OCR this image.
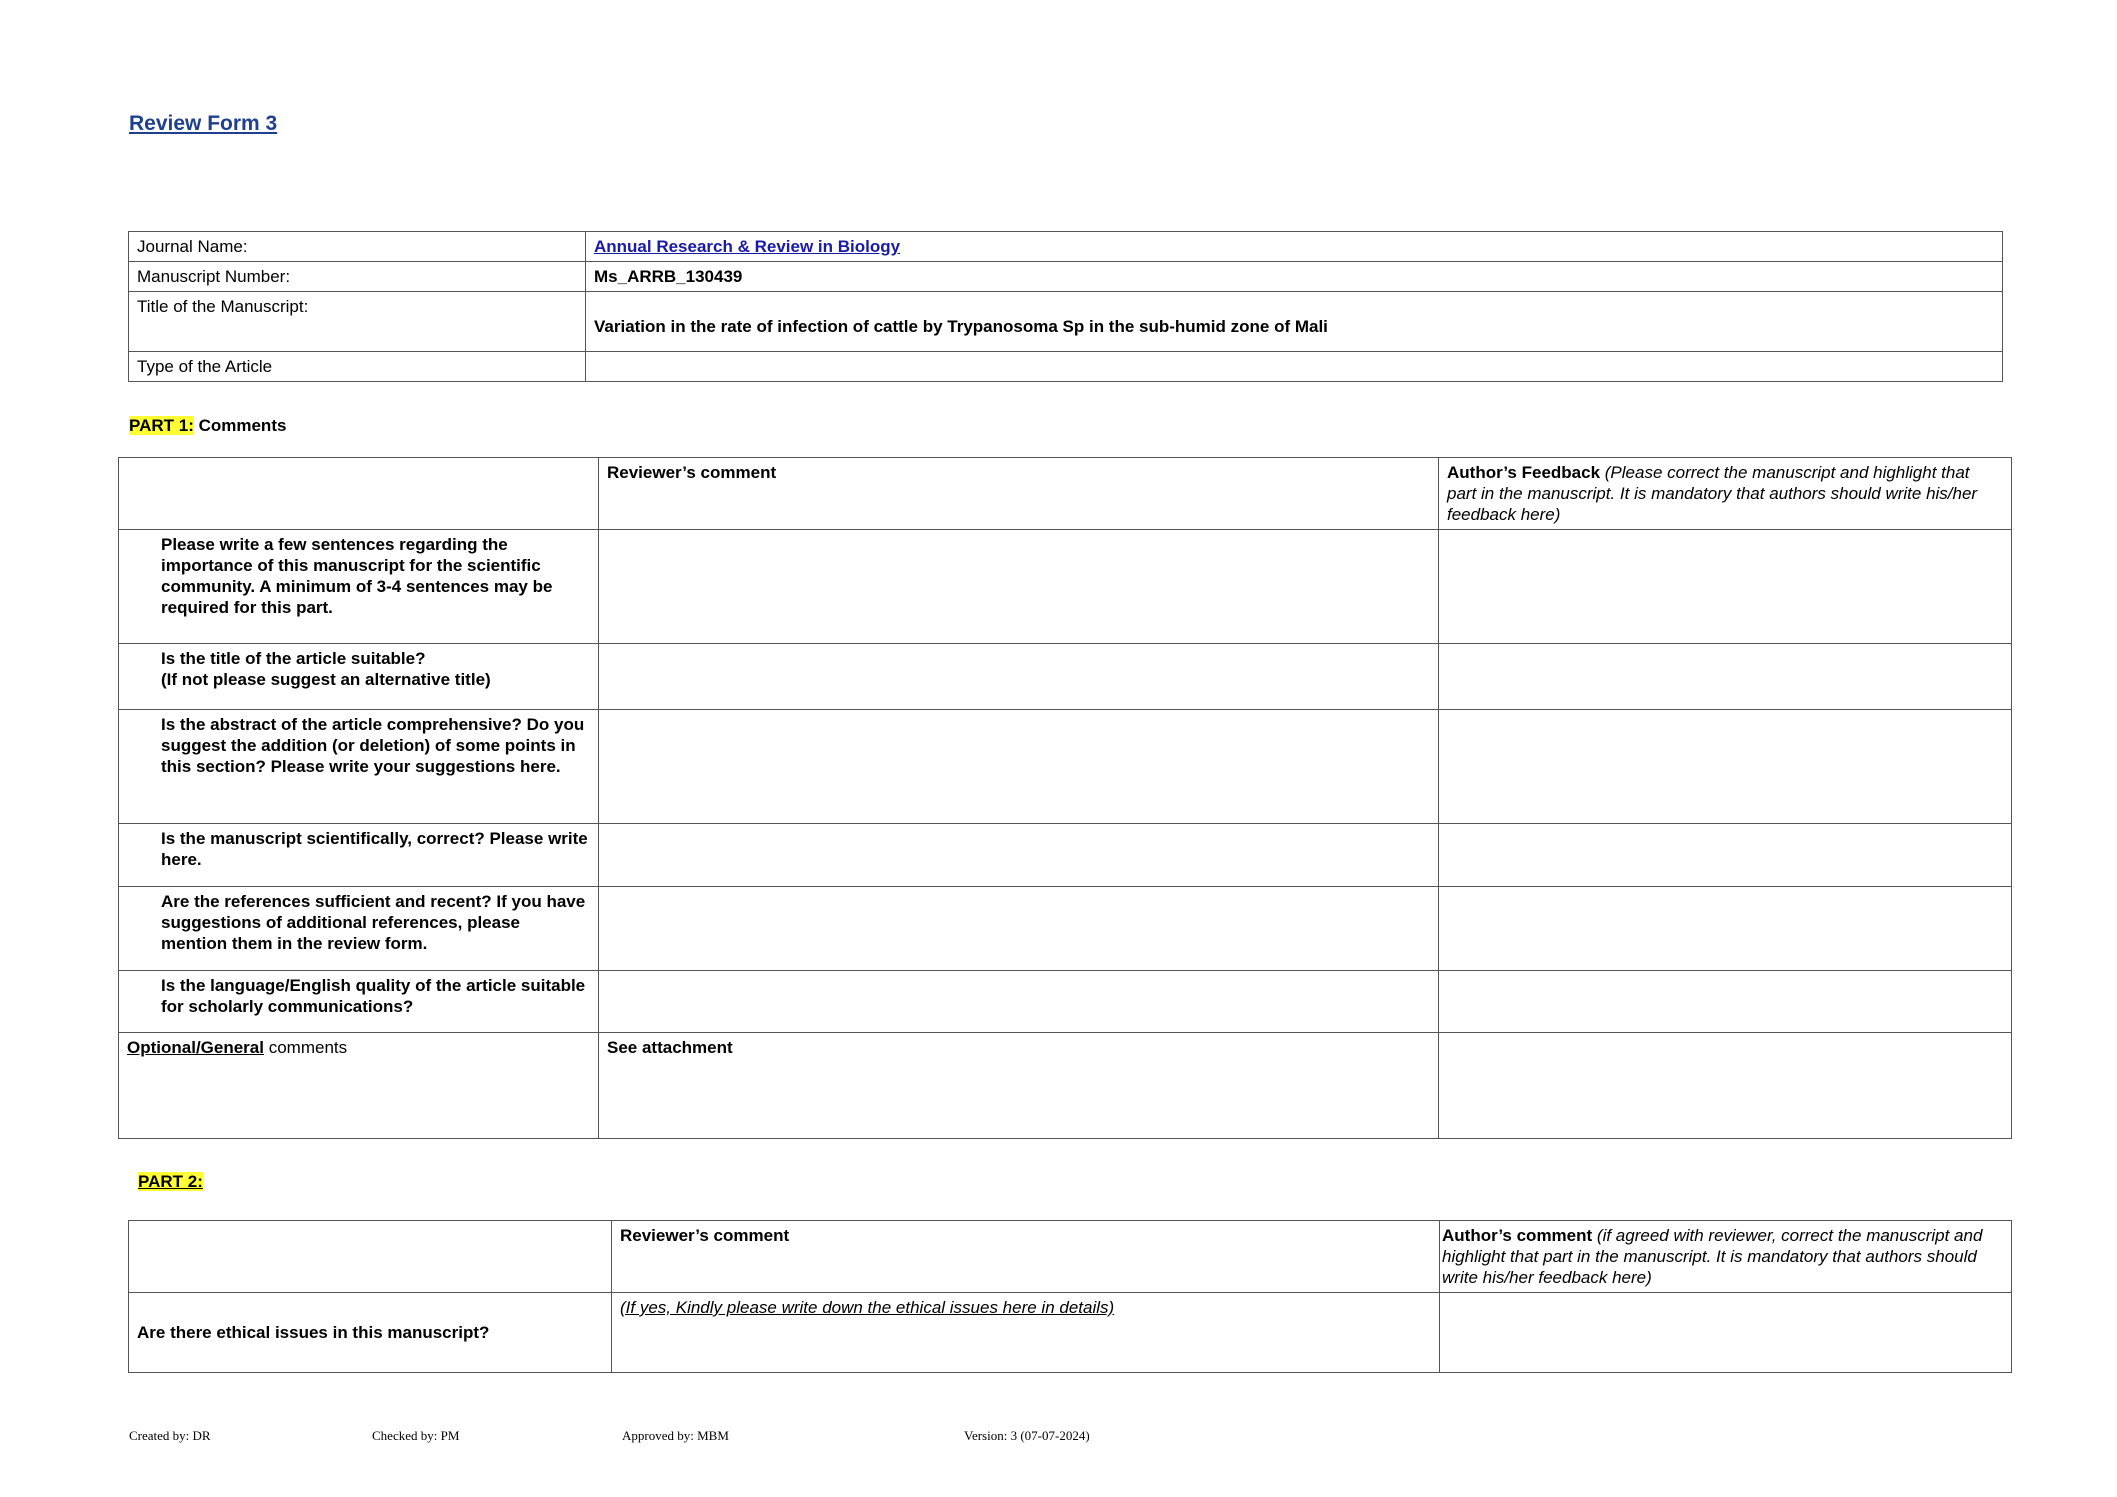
Review Form 3
Journal Name:	Annual Research & Review in Biology
Manuscript Number:	Ms_ARRB_130439
Title of the Manuscript:	Variation in the rate of infection of cattle by Trypanosoma Sp in the sub-humid zone of Mali
Type of the Article	
PART 1: Comments
	Reviewer’s comment	Author’s Feedback (Please correct the manuscript and highlight that part in the manuscript. It is mandatory that authors should write his/her feedback here)
Please write a few sentences regarding the importance of this manuscript for the scientific community. A minimum of 3-4 sentences may be required for this part.		
Is the title of the article suitable?
(If not please suggest an alternative title)		
Is the abstract of the article comprehensive? Do you suggest the addition (or deletion) of some points in this section? Please write your suggestions here.		
Is the manuscript scientifically, correct? Please write here.		
Are the references sufficient and recent? If you have suggestions of additional references, please mention them in the review form.		
Is the language/English quality of the article suitable for scholarly communications?		
Optional/General comments	See attachment	
PART 2:
	Reviewer’s comment	Author’s comment (if agreed with reviewer, correct the manuscript and highlight that part in the manuscript. It is mandatory that authors should write his/her feedback here)
Are there ethical issues in this manuscript?	(If yes, Kindly please write down the ethical issues here in details)	
Created by: DR	Checked by: PM	Approved by: MBM	Version: 3 (07-07-2024)
